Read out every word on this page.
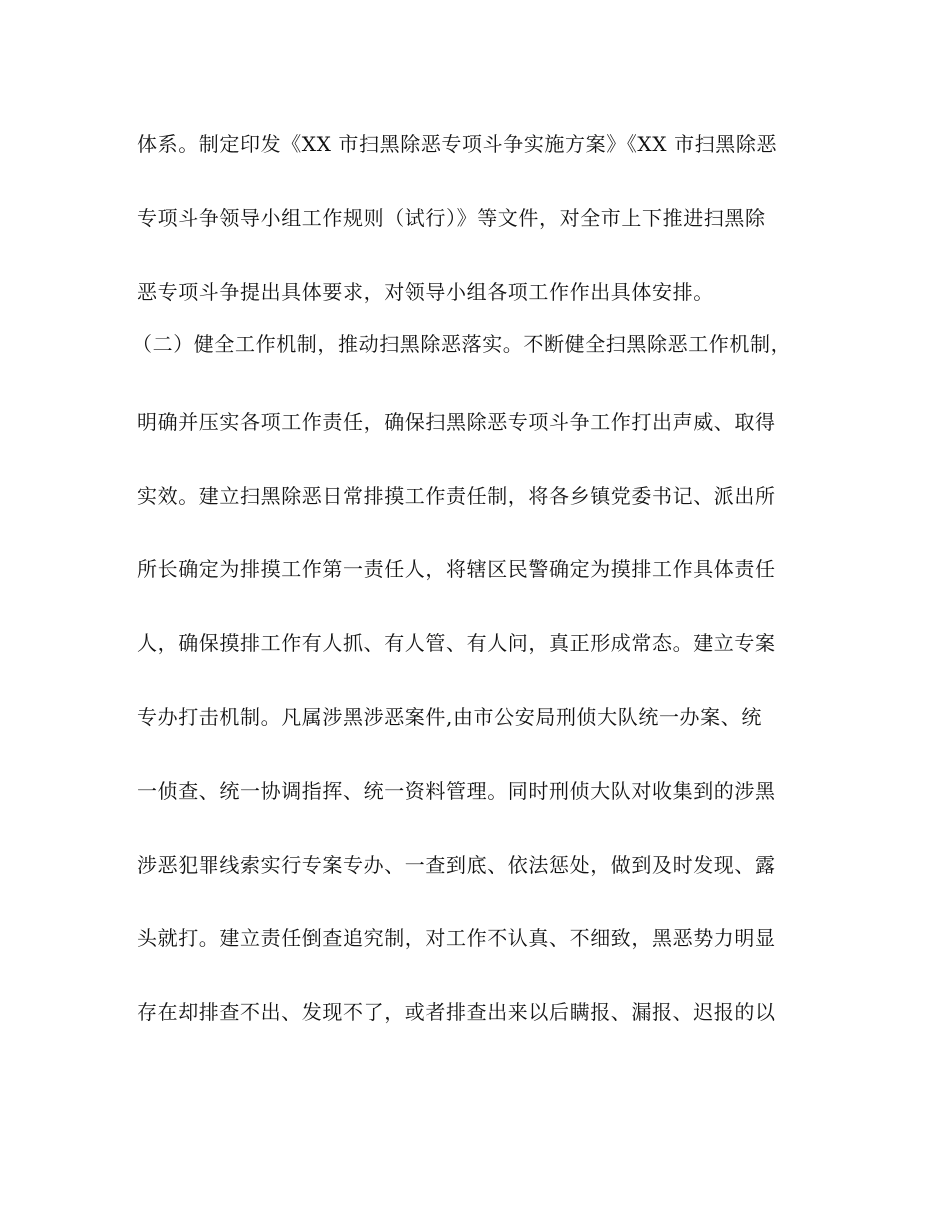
体系。制定印发《XX 市扫黑除恶专项斗争实施方案》《XX 市扫黑除恶
专项斗争领导小组工作规则（试行）》等文件，对全市上下推进扫黑除
恶专项斗争提出具体要求，对领导小组各项工作作出具体安排。
（二）健全工作机制，推动扫黑除恶落实。不断健全扫黑除恶工作机制，
明确并压实各项工作责任，确保扫黑除恶专项斗争工作打出声威、取得
实效。建立扫黑除恶日常排摸工作责任制，将各乡镇党委书记、派出所
所长确定为排摸工作第一责任人，将辖区民警确定为摸排工作具体责任
人，确保摸排工作有人抓、有人管、有人问，真正形成常态。建立专案
专办打击机制。凡属涉黑涉恶案件,由市公安局刑侦大队统一办案、统
一侦查、统一协调指挥、统一资料管理。同时刑侦大队对收集到的涉黑
涉恶犯罪线索实行专案专办、一查到底、依法惩处，做到及时发现、露
头就打。建立责任倒查追究制，对工作不认真、不细致，黑恶势力明显
存在却排查不出、发现不了，或者排查出来以后瞒报、漏报、迟报的以
